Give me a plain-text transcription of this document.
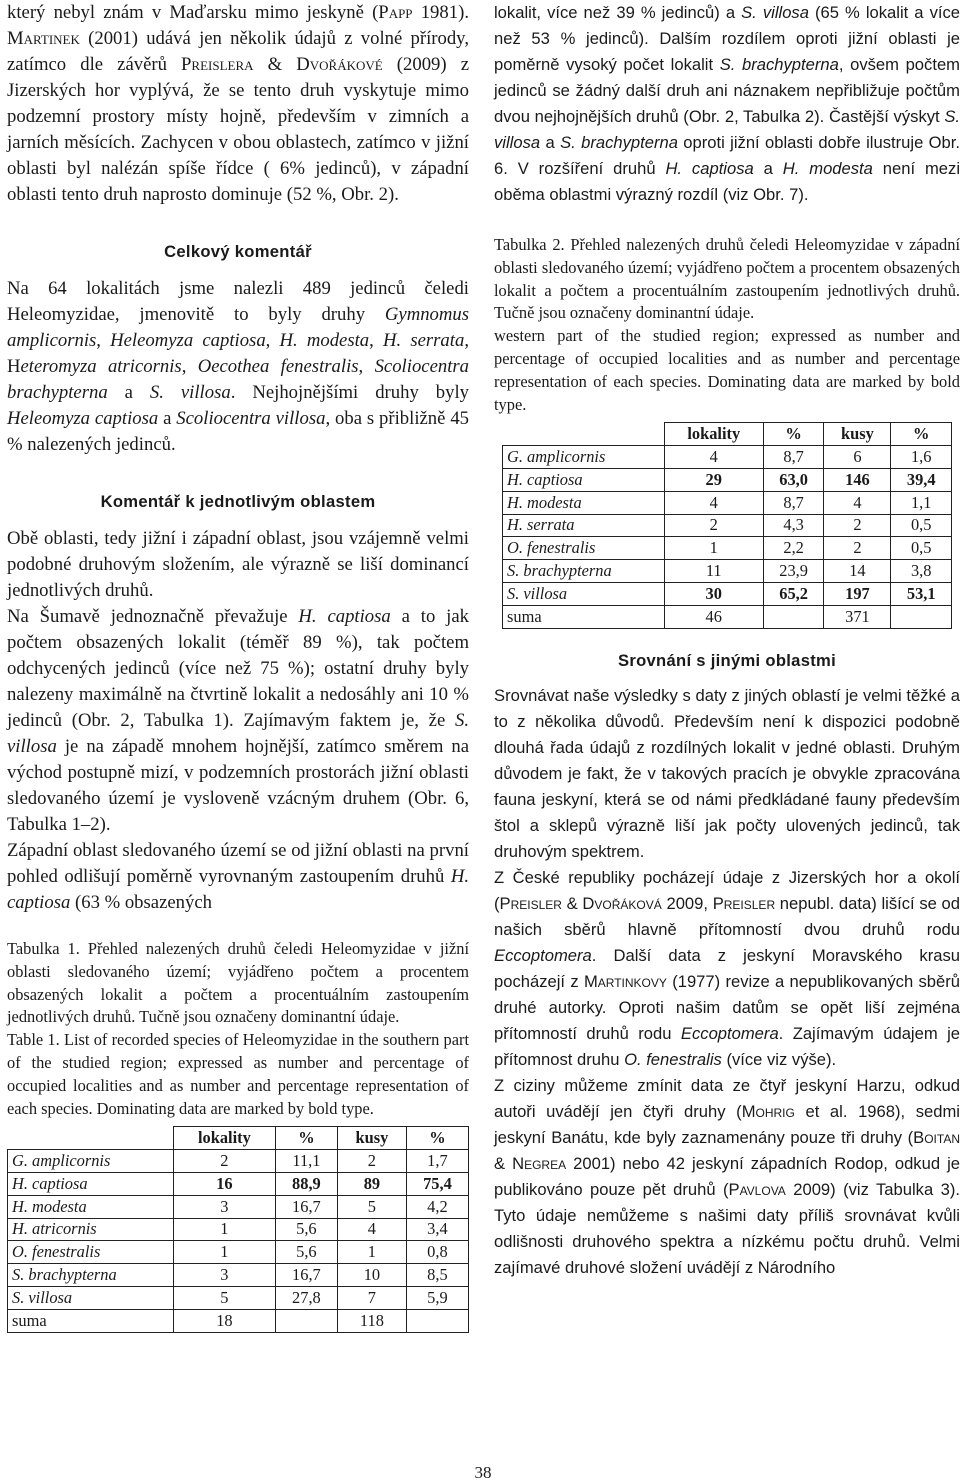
který nebyl znám v Maďarsku mimo jeskyně (Papp 1981). Martinek (2001) udává jen několik údajů z volné přírody, zatímco dle závěrů Preislera & Dvořákové (2009) z Jizerských hor vyplývá, že se tento druh vyskytuje mimo podzemní prostory místy hojně, především v zimních a jarních měsících. Zachycen v obou oblastech, zatímco v jižní oblasti byl nalézán spíše řídce ( 6% jedinců), v západní oblasti tento druh naprosto dominuje (52 %, Obr. 2).

Celkový komentář

Na 64 lokalitách jsme nalezli 489 jedinců čeledi Heleomyzidae, jmenovitě to byly druhy Gymnomus amplicornis, Heleomyza captiosa, H. modesta, H. serrata, Heteromyza atricornis, Oecothea fenestralis, Scoliocentra brachypterna a S. villosa. Nejhojnějšími druhy byly Heleomyza captiosa a Scoliocentra villosa, oba s přibližně 45 % nalezených jedinců.

Komentář k jednotlivým oblastem

Obě oblasti, tedy jižní i západní oblast, jsou vzájemně velmi podobné druhovým složením, ale výrazně se liší dominancí jednotlivých druhů.

Na Šumavě jednoznačně převažuje H. captiosa a to jak počtem obsazených lokalit (téměř 89 %), tak počtem odchycených jedinců (více než 75 %); ostatní druhy byly nalezeny maximálně na čtvrtině lokalit a nedosáhly ani 10 % jedinců (Obr. 2, Tabulka 1). Zajímavým faktem je, že S. villosa je na západě mnohem hojnější, zatímco směrem na východ postupně mizí, v podzemních prostorách jižní oblasti sledovaného území je vysloveně vzácným druhem (Obr. 6, Tabulka 1–2).

Západní oblast sledovaného území se od jižní oblasti na první pohled odlišují poměrně vyrovnaným zastoupením druhů H. captiosa (63 % obsazených

Tabulka 1. Přehled nalezených druhů čeledi Heleomyzidae v jižní oblasti sledovaného území; vyjádřeno počtem a procentem obsazených lokalit a počtem a procentuálním zastoupením jednotlivých druhů. Tučně jsou označeny dominantní údaje.

Table 1. List of recorded species of Heleomyzidae in the southern part of the studied region; expressed as number and percentage of occupied localities and as number and percentage representation of each species. Dominating data are marked by bold type.

	lokality	%	kusy	%
G. amplicornis	2	11,1	2	1,7
H. captiosa	16	88,9	89	75,4
H. modesta	3	16,7	5	4,2
H. atricornis	1	5,6	4	3,4
O. fenestralis	1	5,6	1	0,8
S. brachypterna	3	16,7	10	8,5
S. villosa	5	27,8	7	5,9
suma	18		118	

lokalit, více než 39 % jedinců) a S. villosa (65 % lokalit a více než 53 % jedinců). Dalším rozdílem oproti jižní oblasti je poměrně vysoký počet lokalit S. brachypterna, ovšem počtem jedinců se žádný další druh ani náznakem nepřibližuje počtům dvou nejhojnějších druhů (Obr. 2, Tabulka 2). Častější výskyt S. villosa a S. brachypterna oproti jižní oblasti dobře ilustruje Obr. 6. V rozšíření druhů H. captiosa a H. modesta není mezi oběma oblastmi výrazný rozdíl (viz Obr. 7).

Tabulka 2. Přehled nalezených druhů čeledi Heleomyzidae v západní oblasti sledovaného území; vyjádřeno počtem a procentem obsazených lokalit a počtem a procentuálním zastoupením jednotlivých druhů. Tučně jsou označeny dominantní údaje.

western part of the studied region; expressed as number and percentage of occupied localities and as number and percentage representation of each species. Dominating data are marked by bold type.

	lokality	%	kusy	%
G. amplicornis	4	8,7	6	1,6
H. captiosa	29	63,0	146	39,4
H. modesta	4	8,7	4	1,1
H. serrata	2	4,3	2	0,5
O. fenestralis	1	2,2	2	0,5
S. brachypterna	11	23,9	14	3,8
S. villosa	30	65,2	197	53,1
suma	46		371	
Srovnání s jinými oblastmi

Srovnávat naše výsledky s daty z jiných oblastí je velmi těžké a to z několika důvodů. Především není k dispozici podobně dlouhá řada údajů z rozdílných lokalit v jedné oblasti. Druhým důvodem je fakt, že v takových pracích je obvykle zpracována fauna jeskyní, která se od námi předkládané fauny především štol a sklepů výrazně liší jak počty ulovených jedinců, tak druhovým spektrem.

Z České republiky pocházejí údaje z Jizerských hor a okolí (Preisler & Dvořáková 2009, Preisler nepubl. data) lišící se od našich sběrů hlavně přítomností dvou druhů rodu Eccoptomera. Další data z jeskyní Moravského krasu pocházejí z Martinkovy (1977) revize a nepublikovaných sběrů druhé autorky. Oproti našim datům se opět liší zejména přítomností druhů rodu Eccoptomera. Zajímavým údajem je přítomnost druhu O. fenestralis (více viz výše).

Z ciziny můžeme zmínit data ze čtyř jeskyní Harzu, odkud autoři uvádějí jen čtyři druhy (Mohrig et al. 1968), sedmi jeskyní Banátu, kde byly zaznamenány pouze tři druhy (Boitan & Negrea 2001) nebo 42 jeskyní západních Rodop, odkud je publikováno pouze pět druhů (Pavlova 2009) (viz Tabulka 3). Tyto údaje nemůžeme s našimi daty příliš srovnávat kvůli odlišnosti druhového spektra a nízkému počtu druhů. Velmi zajímavé druhové složení uvádějí z Národního

38
